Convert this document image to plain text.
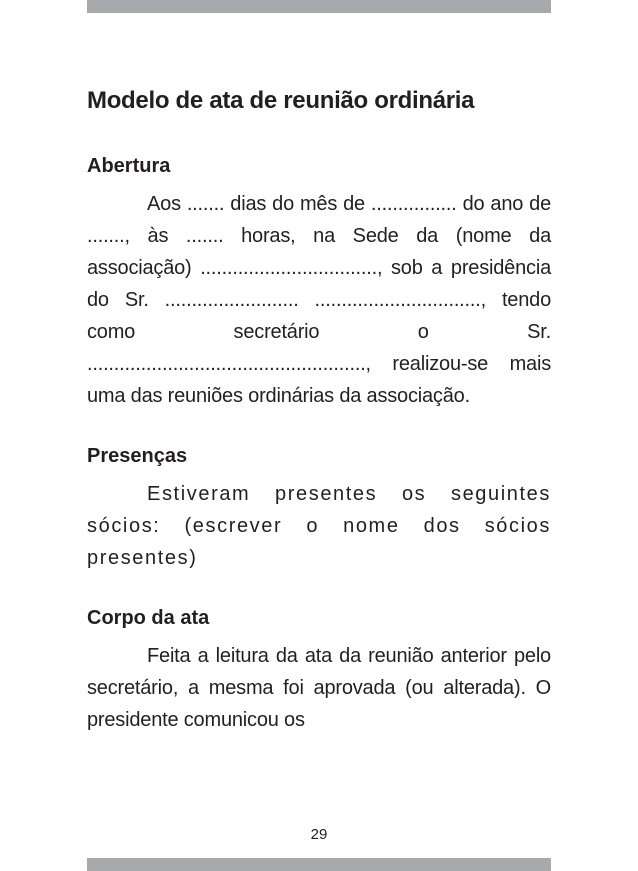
Modelo de ata de reunião ordinária
Abertura

Aos ....... dias do mês de ................ do ano de ......., às ....... horas, na Sede da (nome da associação) ................................., sob a presidência do Sr. ......................... ..............................., tendo como secretário o Sr. ...................................................., realizou-se mais uma das reuniões ordinárias da associação.

Presenças

Estiveram presentes os seguintes sócios: (escrever o nome dos sócios presentes)

Corpo da ata

Feita a leitura da ata da reunião anterior pelo secretário, a mesma foi aprovada (ou alterada). O presidente comunicou os

29
